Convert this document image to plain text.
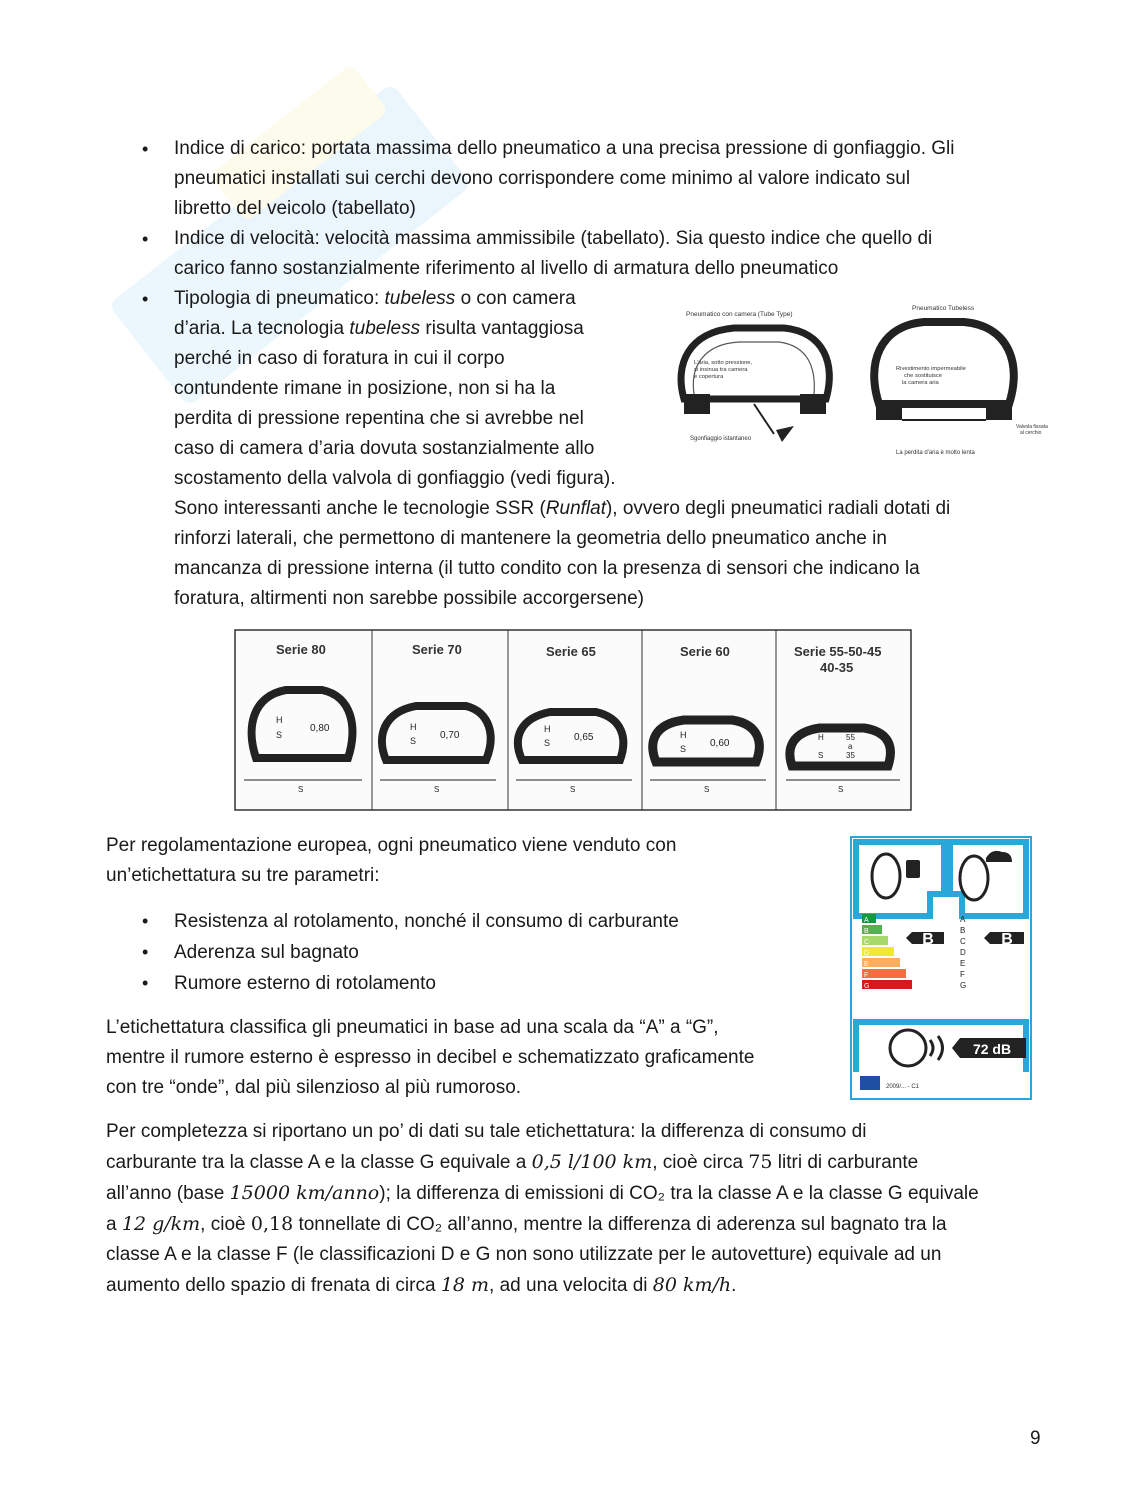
• Indice di carico: portata massima dello pneumatico a una precisa pressione di gonfiaggio. Gli
pneumatici installati sui cerchi devono corrispondere come minimo al valore indicato sul
libretto del veicolo (tabellato)
• Indice di velocità: velocità massima ammissibile (tabellato). Sia questo indice che quello di
carico fanno sostanzialmente riferimento al livello di armatura dello pneumatico
• Tipologia di pneumatico: tubeless o con camera
d’aria. La tecnologia tubeless risulta vantaggiosa
perché in caso di foratura in cui il corpo
contundente rimane in posizione, non si ha la
perdita di pressione repentina che si avrebbe nel
caso di camera d’aria dovuta sostanzialmente allo
scostamento della valvola di gonfiaggio (vedi figura).
Sono interessanti anche le tecnologie SSR (Runflat), ovvero degli pneumatici radiali dotati di
rinforzi laterali, che permettono di mantenere la geometria dello pneumatico anche in
mancanza di pressione interna (il tutto condito con la presenza di sensori che indicano la
foratura, altirmenti non sarebbe possibile accorgersene)
Pneumatico con camera (Tube Type)
L'aria, sotto pressione,
si insinua tra camera
e copertura
Sgonfiaggio istantaneo
Pneumatico Tubeless
Rivestimento impermeabile
che sostituisce
la camera aria
Valvola fissata
al cerchio
La perdita d'aria è molto lenta
Serie 80
H
S
0,80
S
Serie 70
H
S 0,70
S
Serie 65
H
S 0,65
S
Serie 60
H
S 0,60
S
Serie 55-50-45
40-35
H
S
55
a
35
S
Per regolamentazione europea, ogni pneumatico viene venduto con
un’etichettatura su tre parametri:
• Resistenza al rotolamento, nonché il consumo di carburante
• Aderenza sul bagnato
• Rumore esterno di rotolamento
L’etichettatura classifica gli pneumatici in base ad una scala da “A” a “G”,
mentre il rumore esterno è espresso in decibel e schematizzato graficamente
con tre “onde”, dal più silenzioso al più rumoroso.
A
B
C
D
E
F
G
B
A
B
C
D
E
F
G
B
72 dB
2009/... - C1
Per completezza si riportano un po’ di dati su tale etichettatura: la differenza di consumo di
carburante tra la classe A e la classe G equivale a 0,5 l/100 km, cioè circa 75 litri di carburante
all’anno (base 15000 km/anno); la differenza di emissioni di CO₂ tra la classe A e la classe G equivale
a 12 g/km, cioè 0,18 tonnellate di CO₂ all’anno, mentre la differenza di aderenza sul bagnato tra la
classe A e la classe F (le classificazioni D e G non sono utilizzate per le autovetture) equivale ad un
aumento dello spazio di frenata di circa 18 m, ad una velocita di 80 km/h.
9
